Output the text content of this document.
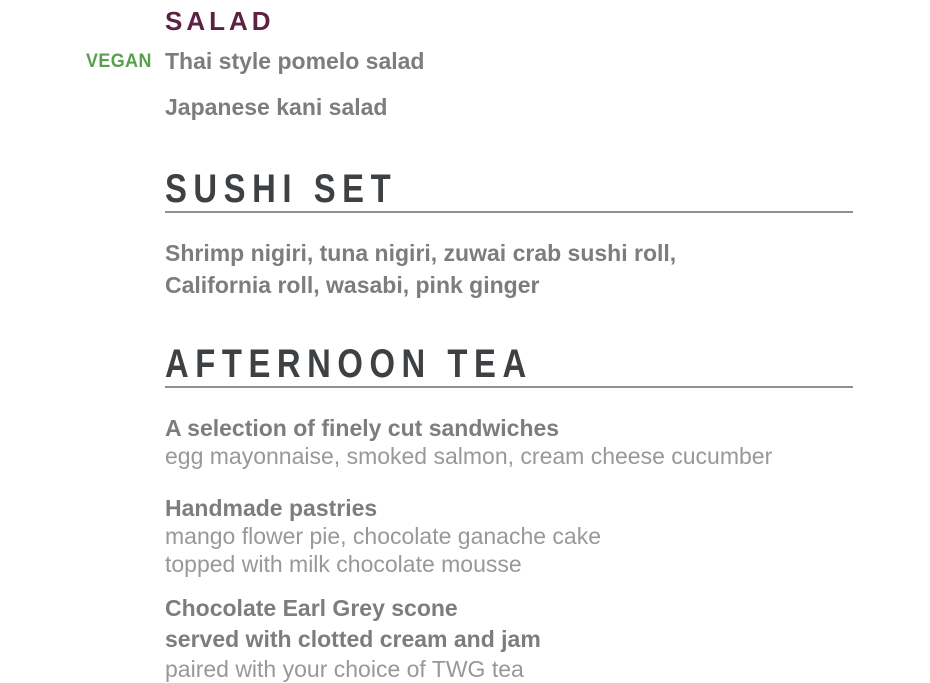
SALAD
VEGAN Thai style pomelo salad
Japanese kani salad
SUSHI SET

Shrimp nigiri, tuna nigiri, zuwai crab sushi roll,

California roll, wasabi, pink ginger

AFTERNOON TEA

A selection of finely cut sandwiches

egg mayonnaise, smoked salmon, cream cheese cucumber

Handmade pastries

mango flower pie, chocolate ganache cake

topped with milk chocolate mousse

Chocolate Earl Grey scone

served with clotted cream and jam

paired with your choice of TWG tea
